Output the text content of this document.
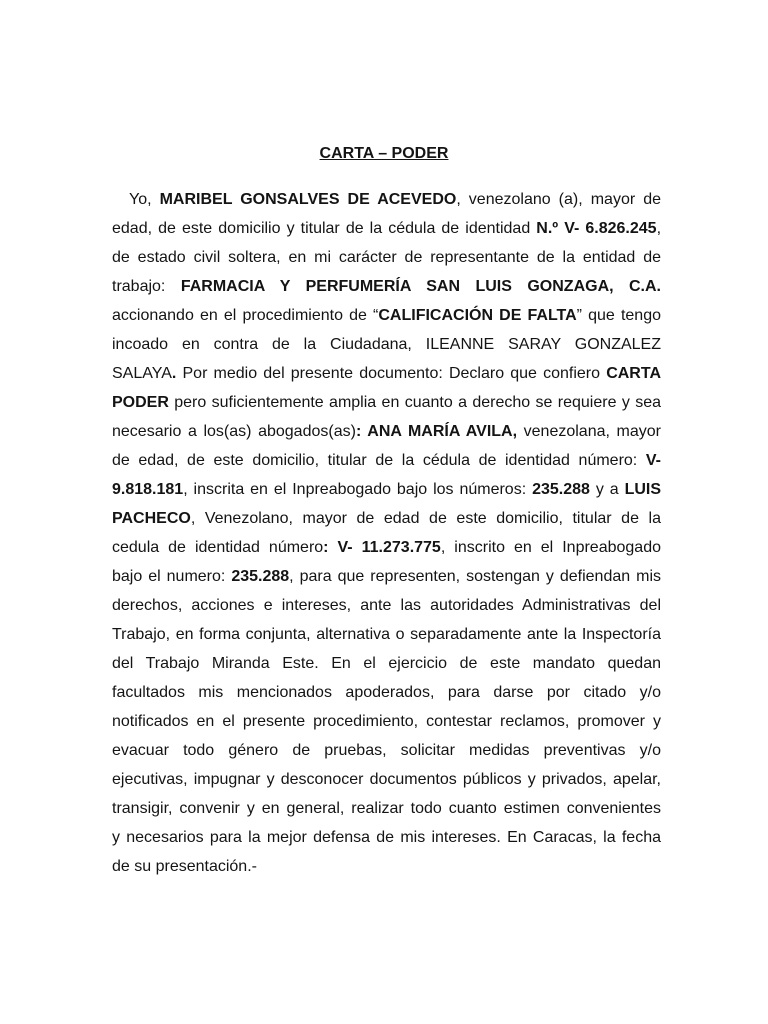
CARTA – PODER
Yo, MARIBEL GONSALVES DE ACEVEDO, venezolano (a), mayor de
edad, de este domicilio y titular de la cédula de identidad N.º V- 6.826.245,
de estado civil soltera, en mi carácter de representante de la entidad de
trabajo: FARMACIA Y PERFUMERÍA SAN LUIS GONZAGA, C.A.
accionando en el procedimiento de “CALIFICACIÓN DE FALTA” que tengo
incoado en contra de la Ciudadana, ILEANNE SARAY GONZALEZ
SALAYA. Por medio del presente documento: Declaro que confiero CARTA
PODER pero suficientemente amplia en cuanto a derecho se requiere y sea
necesario a los(as) abogados(as): ANA MARÍA AVILA, venezolana, mayor
de edad, de este domicilio, titular de la cédula de identidad número: V-
9.818.181, inscrita en el Inpreabogado bajo los números: 235.288 y a LUIS
PACHECO, Venezolano, mayor de edad de este domicilio, titular de la
cedula de identidad número: V- 11.273.775, inscrito en el Inpreabogado
bajo el numero: 235.288, para que representen, sostengan y defiendan mis
derechos, acciones e intereses, ante las autoridades Administrativas del
Trabajo, en forma conjunta, alternativa o separadamente ante la Inspectoría
del Trabajo Miranda Este. En el ejercicio de este mandato quedan
facultados mis mencionados apoderados, para darse por citado y/o
notificados en el presente procedimiento, contestar reclamos, promover y
evacuar todo género de pruebas, solicitar medidas preventivas y/o
ejecutivas, impugnar y desconocer documentos públicos y privados, apelar,
transigir, convenir y en general, realizar todo cuanto estimen convenientes
y necesarios para la mejor defensa de mis intereses. En Caracas, la fecha
de su presentación.-
